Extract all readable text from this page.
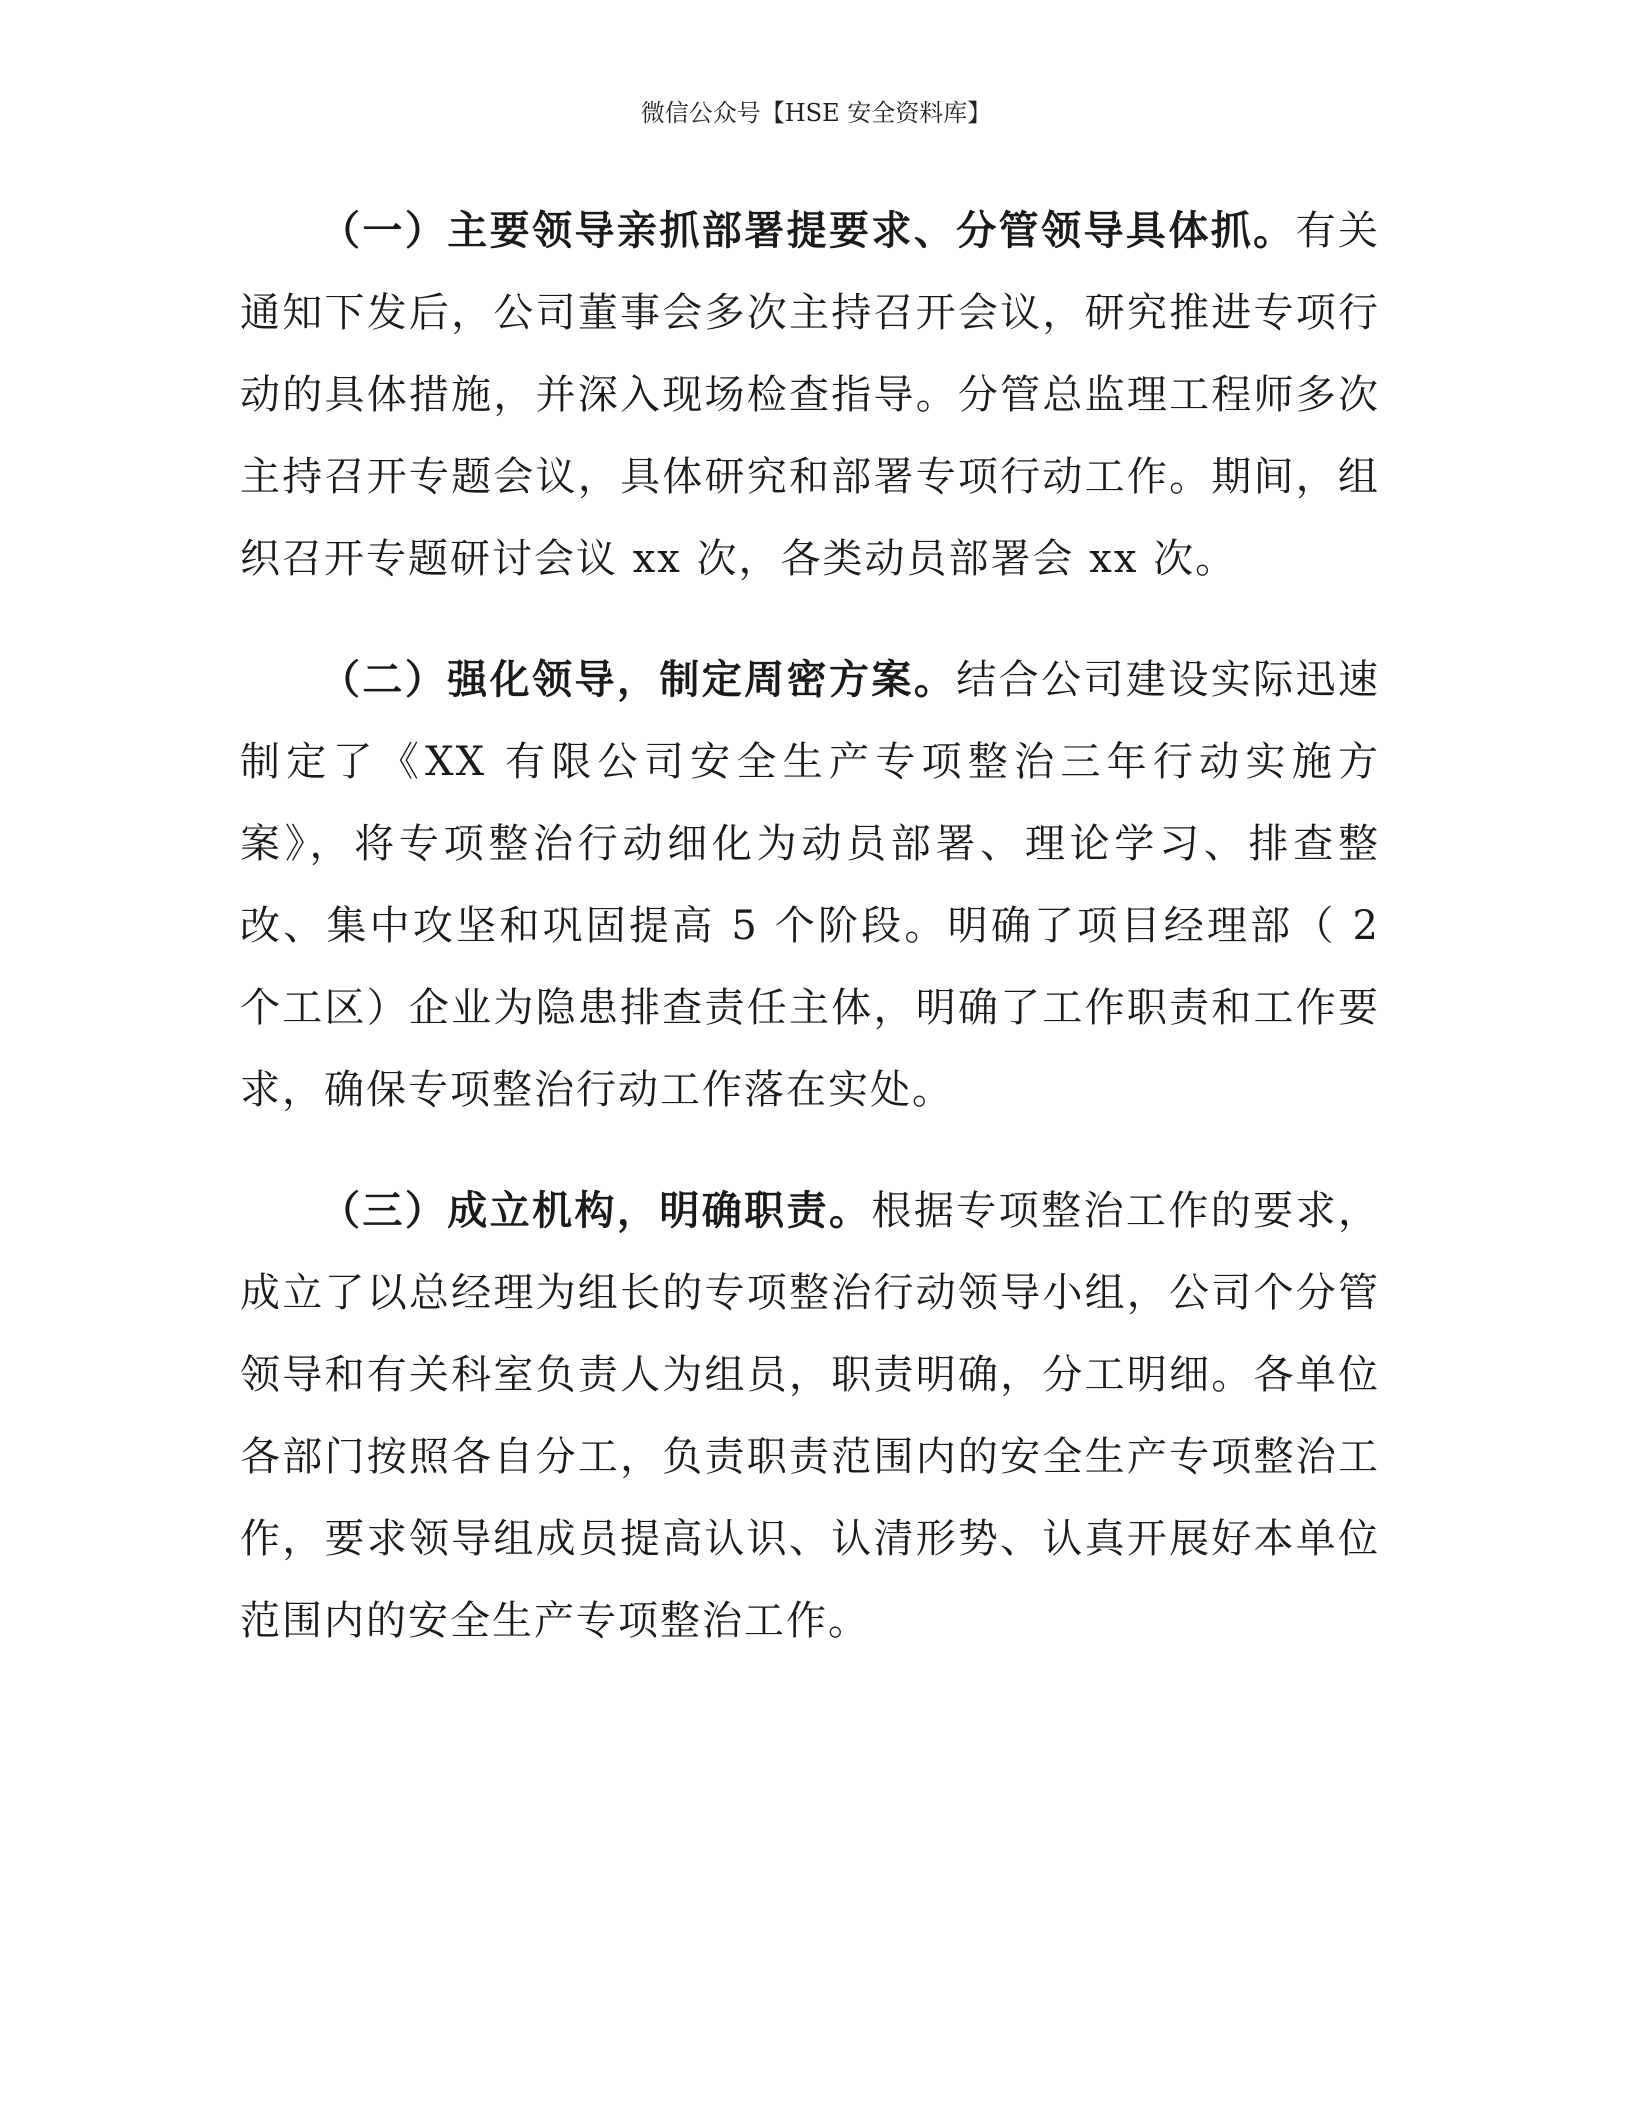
微信公众号【HSE 安全资料库】

（一）主要领导亲抓部署提要求、分管领导具体抓。有关通知下发后，公司董事会多次主持召开会议，研究推进专项行动的具体措施，并深入现场检查指导。分管总监理工程师多次主持召开专题会议，具体研究和部署专项行动工作。期间，组织召开专题研讨会议 xx 次，各类动员部署会 xx 次。

（二）强化领导，制定周密方案。结合公司建设实际迅速制定了《XX 有限公司安全生产专项整治三年行动实施方案》，将专项整治行动细化为动员部署、理论学习、排查整改、集中攻坚和巩固提高 5 个阶段。明确了项目经理部（ 2 个工区）企业为隐患排查责任主体，明确了工作职责和工作要求，确保专项整治行动工作落在实处。

（三）成立机构，明确职责。根据专项整治工作的要求，成立了以总经理为组长的专项整治行动领导小组，公司个分管领导和有关科室负责人为组员，职责明确，分工明细。各单位各部门按照各自分工，负责职责范围内的安全生产专项整治工作，要求领导组成员提高认识、认清形势、认真开展好本单位范围内的安全生产专项整治工作。
